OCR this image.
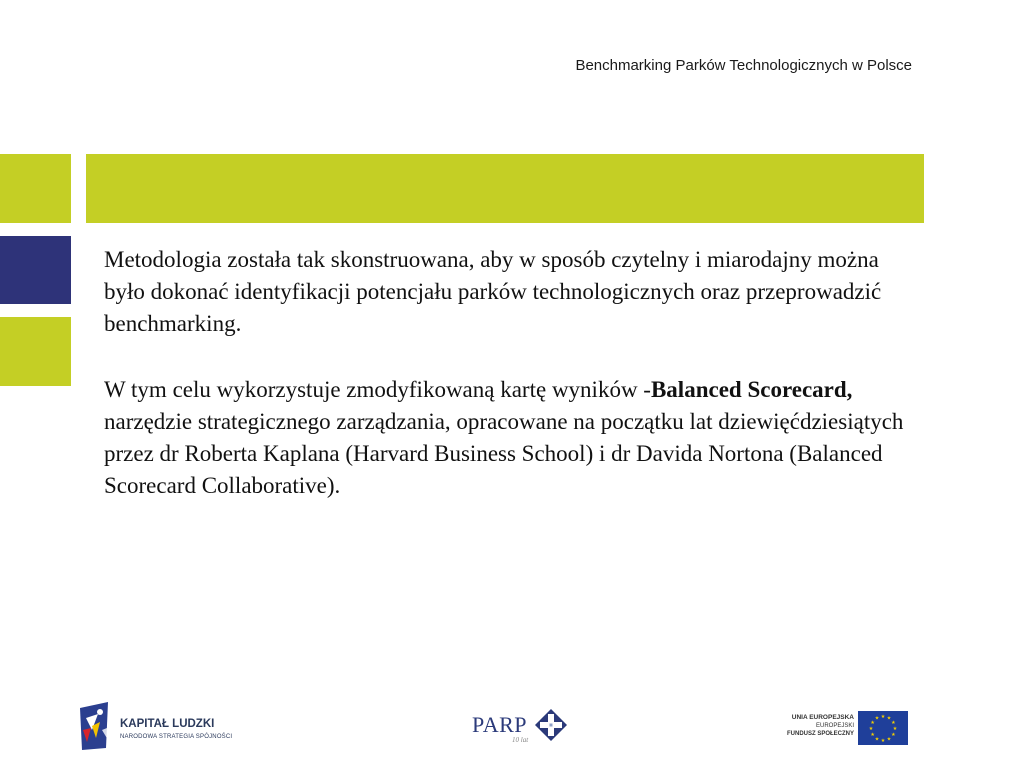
Benchmarking Parków Technologicznych w Polsce

Metodologia została tak skonstruowana, aby w sposób czytelny i miarodajny można było dokonać identyfikacji potencjału parków technologicznych oraz przeprowadzić benchmarking.

W tym celu wykorzystuje zmodyfikowaną kartę wyników -Balanced Scorecard, narzędzie strategicznego zarządzania, opracowane na początku lat dziewięćdziesiątych przez dr Roberta Kaplana (Harvard Business School) i dr Davida Nortona (Balanced Scorecard Collaborative).

KAPITAŁ LUDZKI
NARODOWA STRATEGIA SPÓJNOŚCI	PARP
10 lat
UNIA EUROPEJSKA
EUROPEJSKI
FUNDUSZ SPOŁECZNY
★ ★
★
★
★
★
★
★
★
★
★
★
